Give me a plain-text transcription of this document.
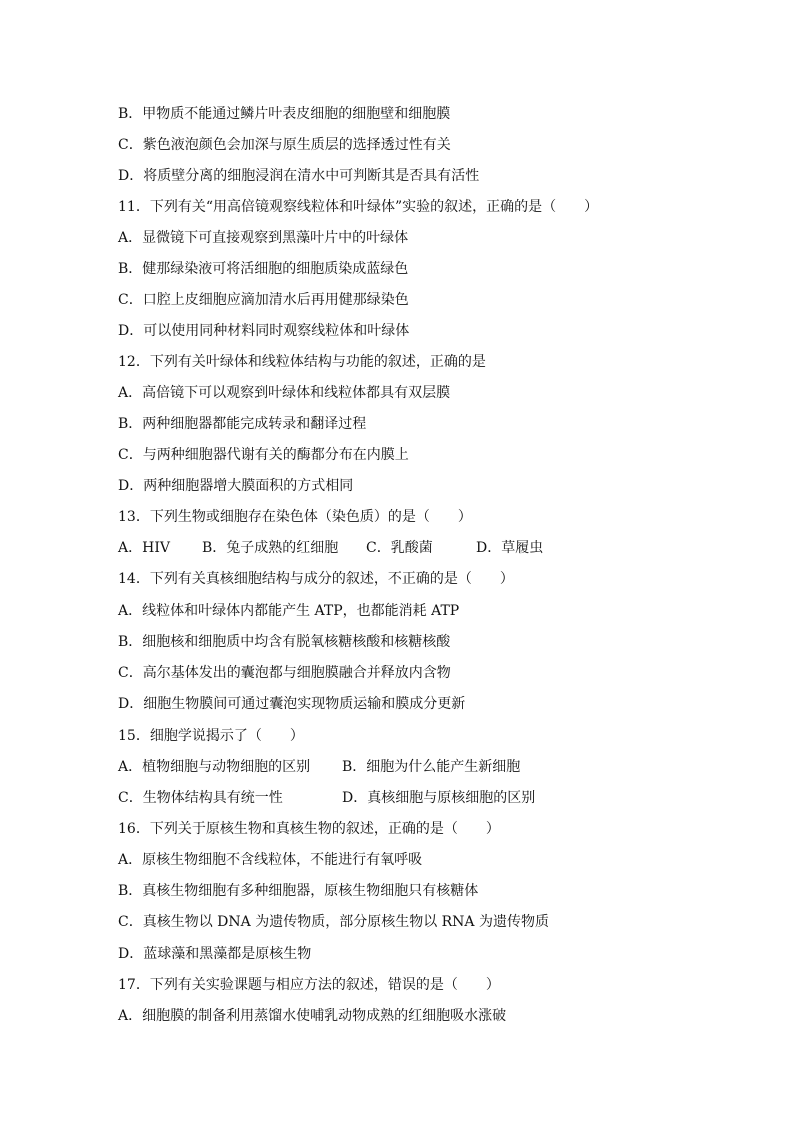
B．甲物质不能通过鳞片叶表皮细胞的细胞壁和细胞膜
C．紫色液泡颜色会加深与原生质层的选择透过性有关
D．将质壁分离的细胞浸润在清水中可判断其是否具有活性
11．下列有关“用高倍镜观察线粒体和叶绿体”实验的叙述，正确的是（　　）
A．显微镜下可直接观察到黑藻叶片中的叶绿体
B．健那绿染液可将活细胞的细胞质染成蓝绿色
C．口腔上皮细胞应滴加清水后再用健那绿染色
D．可以使用同种材料同时观察线粒体和叶绿体
12．下列有关叶绿体和线粒体结构与功能的叙述，正确的是
A．高倍镜下可以观察到叶绿体和线粒体都具有双层膜
B．两种细胞器都能完成转录和翻译过程
C．与两种细胞器代谢有关的酶都分布在内膜上
D．两种细胞器增大膜面积的方式相同
13．下列生物或细胞存在染色体（染色质）的是（　　）
A．HIV B．兔子成熟的红细胞 C．乳酸菌	D．草履虫
14．下列有关真核细胞结构与成分的叙述，不正确的是（　　）
A．线粒体和叶绿体内都能产生 ATP，也都能消耗 ATP
B．细胞核和细胞质中均含有脱氧核糖核酸和核糖核酸
C．高尔基体发出的囊泡都与细胞膜融合并释放内含物
D．细胞生物膜间可通过囊泡实现物质运输和膜成分更新
15．细胞学说揭示了（　　）
A．植物细胞与动物细胞的区别 B．细胞为什么能产生新细胞
C．生物体结构具有统一性	D．真核细胞与原核细胞的区别
16．下列关于原核生物和真核生物的叙述，正确的是（　　）
A．原核生物细胞不含线粒体，不能进行有氧呼吸
B．真核生物细胞有多种细胞器，原核生物细胞只有核糖体
C．真核生物以 DNA 为遗传物质，部分原核生物以 RNA 为遗传物质
D．蓝球藻和黑藻都是原核生物
17．下列有关实验课题与相应方法的叙述，错误的是（　　）
A．细胞膜的制备利用蒸馏水使哺乳动物成熟的红细胞吸水涨破
